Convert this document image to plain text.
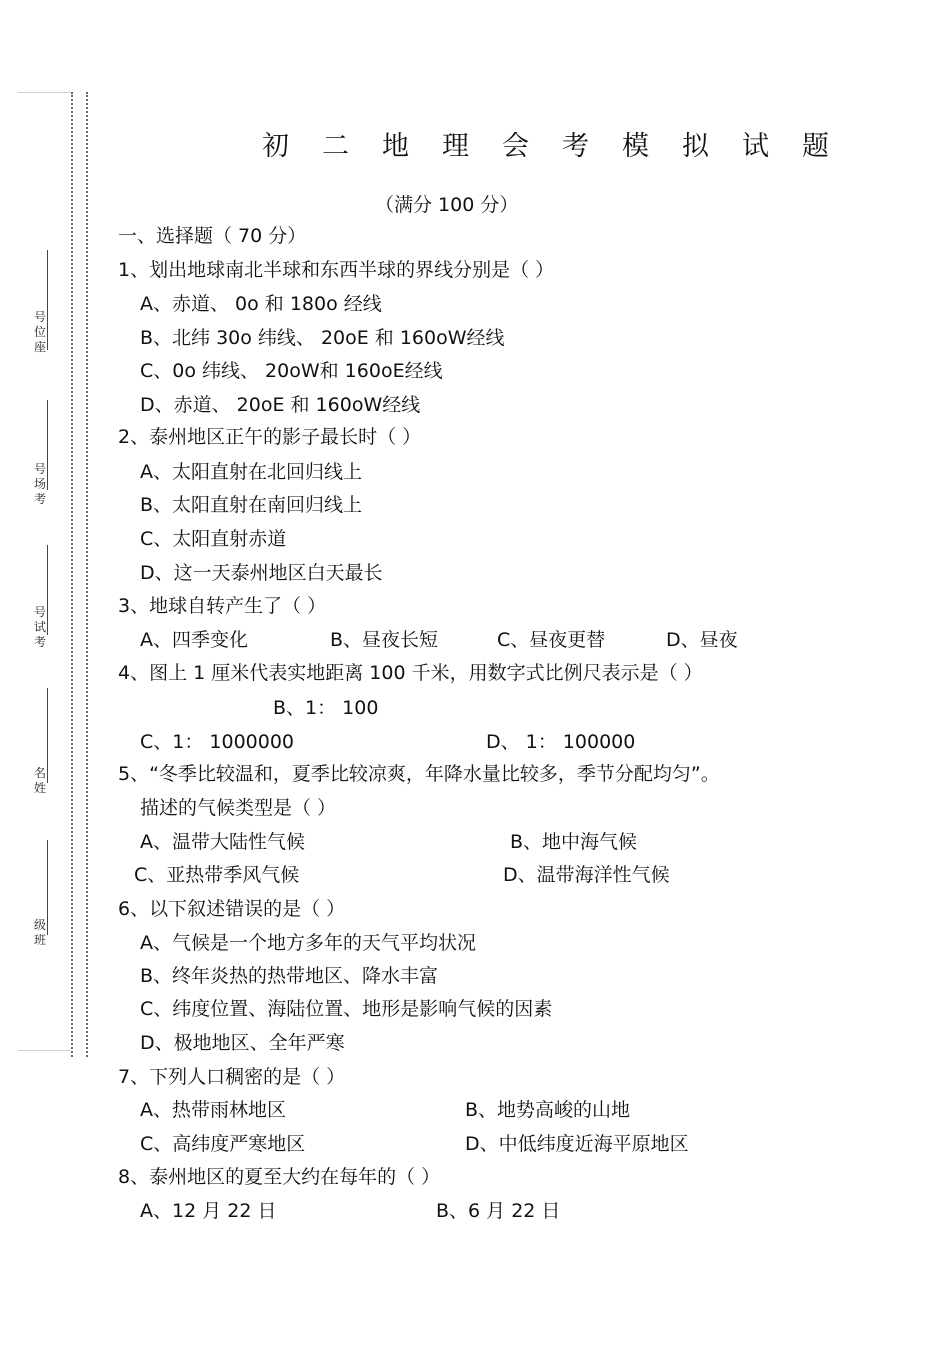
号位座
号场考
号试考
名姓
级班
初二地理会考模拟试题
（满分 100 分）
一、选择题（ 70 分）
1、划出地球南北半球和东西半球的界线分别是（ ）
A、赤道、 0o 和 180o 经线
B、北纬 30o 纬线、 20oE 和 160oW经线
C、0o 纬线、 20oW和 160oE经线
D、赤道、 20oE 和 160oW经线
2、泰州地区正午的影子最长时（ ）
A、太阳直射在北回归线上
B、太阳直射在南回归线上
C、太阳直射赤道
D、这一天泰州地区白天最长
3、地球自转产生了（ ）
A、四季变化	B、昼夜长短	C、昼夜更替	D、昼夜
4、图上 1 厘米代表实地距离 100 千米，用数字式比例尺表示是（ ）
B、1： 100
C、1： 1000000	D、 1： 100000
5、“冬季比较温和，夏季比较凉爽，年降水量比较多，季节分配均匀”。
描述的气候类型是（ ）
A、温带大陆性气候	B、地中海气候
C、亚热带季风气候	D、温带海洋性气候
6、以下叙述错误的是（ ）
A、气候是一个地方多年的天气平均状况
B、终年炎热的热带地区、降水丰富
C、纬度位置、海陆位置、地形是影响气候的因素
D、极地地区、全年严寒
7、下列人口稠密的是（ ）
A、热带雨林地区	B、地势高峻的山地
C、高纬度严寒地区	D、中低纬度近海平原地区
8、泰州地区的夏至大约在每年的（ ）
A、12 月 22 日	B、6 月 22 日
